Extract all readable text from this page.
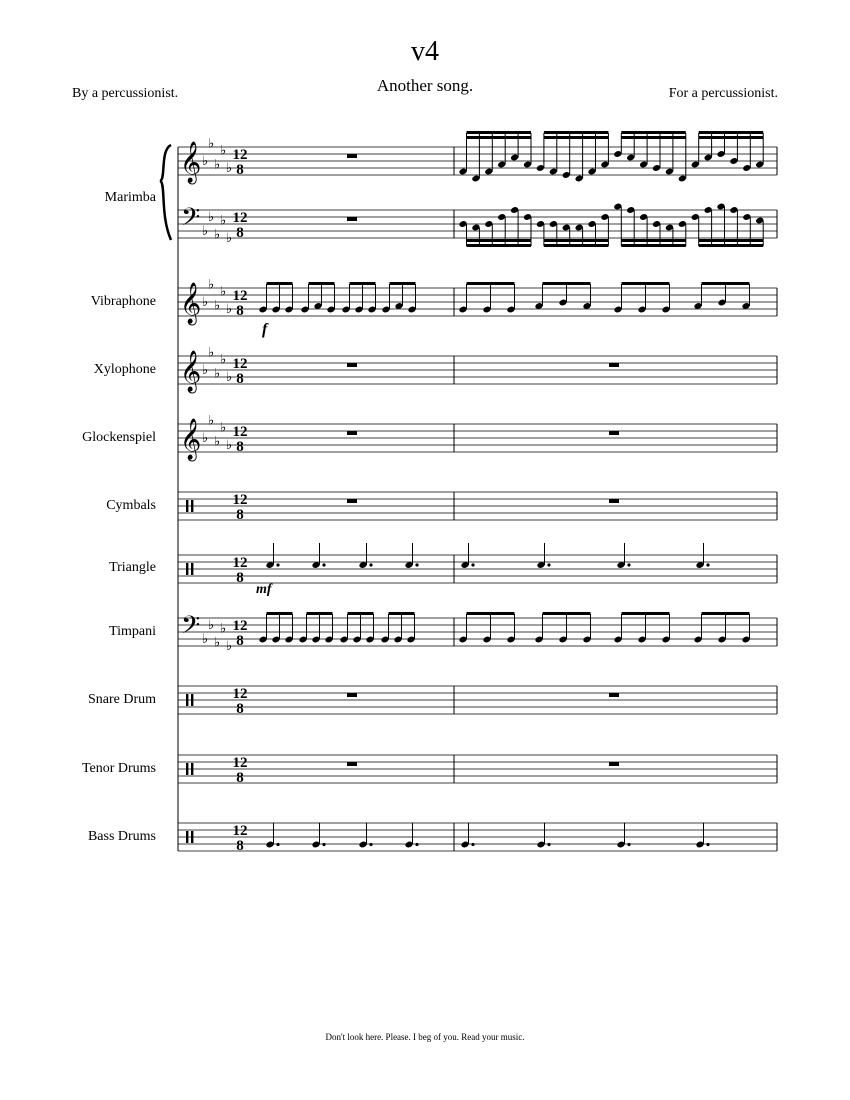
v4
Another song.
By a percussionist.	For a percussionist.
Marimba
Vibraphone
Xylophone
Glockenspiel
Cymbals
Triangle
Timpani
Snare Drum
Tenor Drums
Bass Drums
𝄞 ♭
♭
♭
♭
♭
12
8
𝄢 ♭
♭
♭
♭
♭
12
8
𝄞 ♭
♭
♭
♭
♭
12
8
𝄞 ♭
♭
♭
♭
♭
12
8
𝄞 ♭
♭
♭
♭
♭
12
8
12
8
12
8
𝄢 ♭
♭
♭
♭
♭
12
8
12
8
12
8
12
8
f
mf
Don't look here. Please. I beg of you. Read your music.
